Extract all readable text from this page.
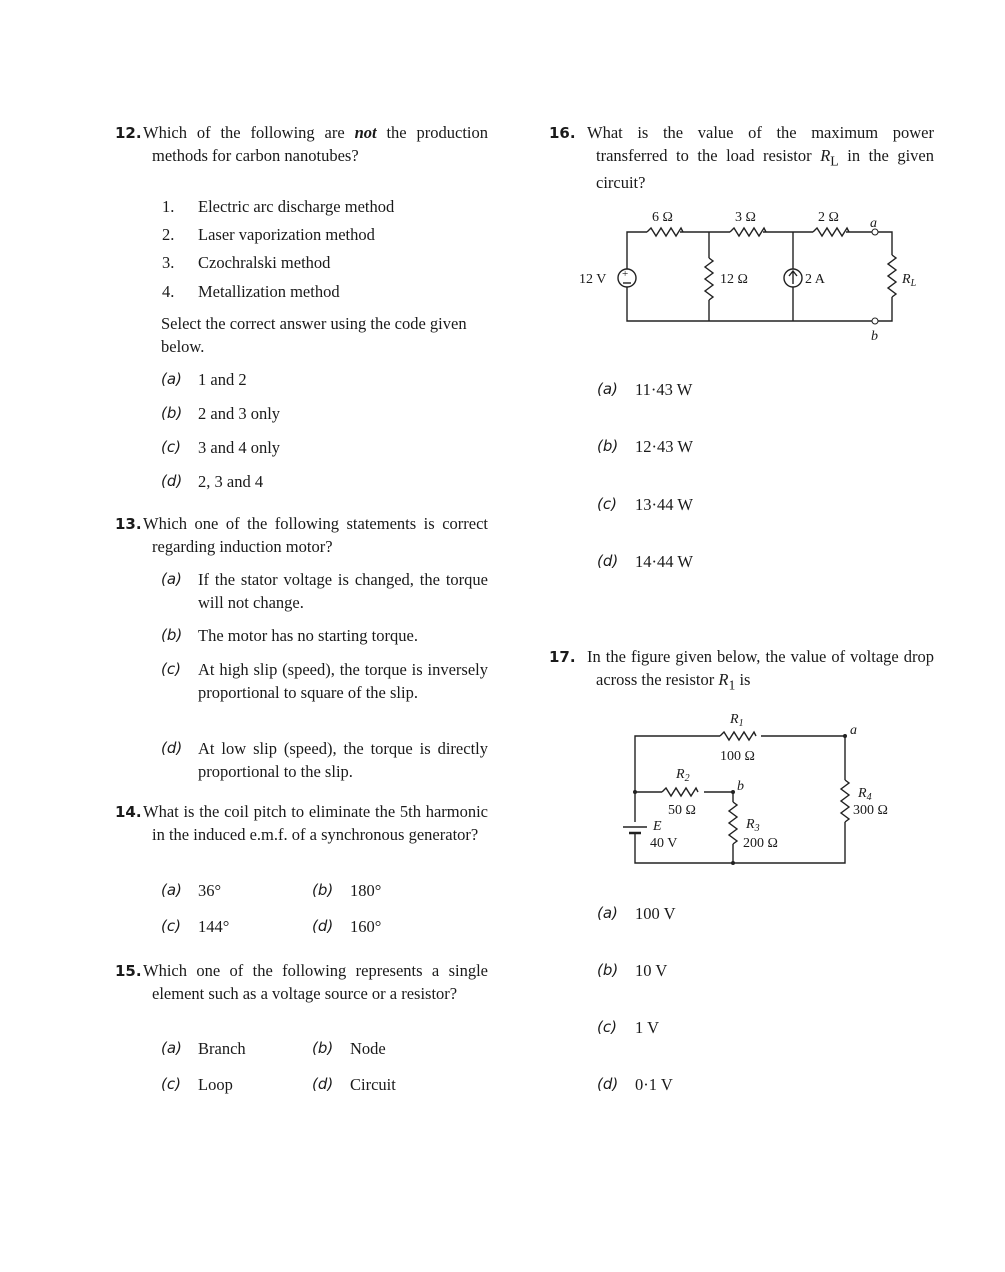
12. Which of the following are not the production methods for carbon nanotubes?
1. Electric arc discharge method
2. Laser vaporization method
3. Czochralski method
4. Metallization method
Select the correct answer using the code given below.
(a) 1 and 2
(b) 2 and 3 only
(c) 3 and 4 only
(d) 2, 3 and 4
13. Which one of the following statements is correct regarding induction motor?
(a) If the stator voltage is changed, the torque will not change.
(b) The motor has no starting torque.
(c) At high slip (speed), the torque is inversely proportional to square of the slip.
(d) At low slip (speed), the torque is directly proportional to the slip.
14. What is the coil pitch to eliminate the 5th harmonic in the induced e.m.f. of a synchronous generator?
(a) 36°	(b) 180°
(c) 144°	(d) 160°
15. Which one of the following represents a single element such as a voltage source or a resistor?
(a) Branch	(b) Node
(c) Loop	(d) Circuit
16. What is the value of the maximum power transferred to the load resistor $R_L$ in the given circuit?
+
6 Ω	3 Ω	2 Ω a
b
12 V	12 Ω	2 A	$R_L$
(a) 11·43 W
(b) 12·43 W
(c) 13·44 W
(d) 14·44 W
17. In the figure given below, the value of voltage drop across the resistor $R_1$ is
$R_1$
100 Ω
a
$R_2$
50 Ω
b
$R_3$
200 Ω
$R_4$
300 Ω
E
40 V
(a) 100 V
(b) 10 V
(c) 1 V
(d) 0·1 V
